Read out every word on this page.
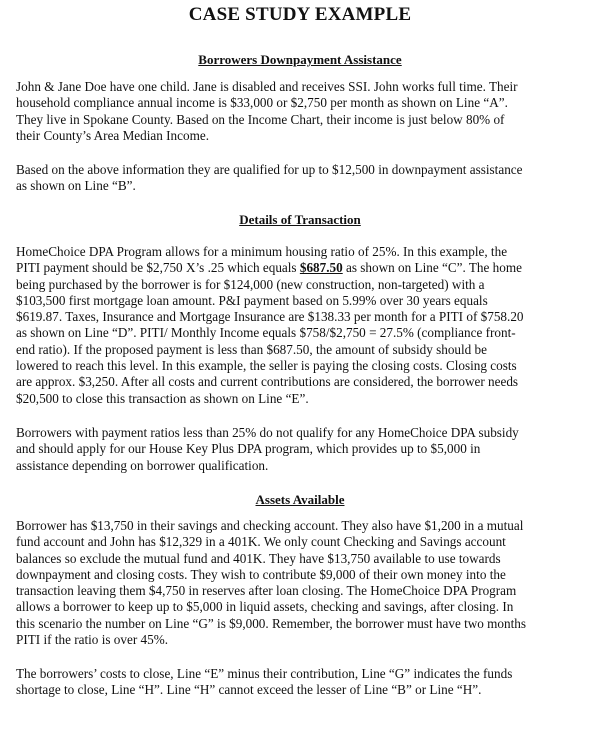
CASE STUDY EXAMPLE
Borrowers Downpayment Assistance
John & Jane Doe have one child. Jane is disabled and receives SSI. John works full time. Their
household compliance annual income is $33,000 or $2,750 per month as shown on Line “A”.
They live in Spokane County. Based on the Income Chart, their income is just below 80% of
their County’s Area Median Income.
Based on the above information they are qualified for up to $12,500 in downpayment assistance
as shown on Line “B”.
Details of Transaction
HomeChoice DPA Program allows for a minimum housing ratio of 25%. In this example, the
PITI payment should be $2,750 X’s .25 which equals $687.50 as shown on Line “C”. The home
being purchased by the borrower is for $124,000 (new construction, non-targeted) with a
$103,500 first mortgage loan amount. P&I payment based on 5.99% over 30 years equals
$619.87. Taxes, Insurance and Mortgage Insurance are $138.33 per month for a PITI of $758.20
as shown on Line “D”. PITI/ Monthly Income equals $758/$2,750 = 27.5% (compliance front-
end ratio). If the proposed payment is less than $687.50, the amount of subsidy should be
lowered to reach this level. In this example, the seller is paying the closing costs. Closing costs
are approx. $3,250. After all costs and current contributions are considered, the borrower needs
$20,500 to close this transaction as shown on Line “E”.
Borrowers with payment ratios less than 25% do not qualify for any HomeChoice DPA subsidy
and should apply for our House Key Plus DPA program, which provides up to $5,000 in
assistance depending on borrower qualification.
Assets Available
Borrower has $13,750 in their savings and checking account. They also have $1,200 in a mutual
fund account and John has $12,329 in a 401K. We only count Checking and Savings account
balances so exclude the mutual fund and 401K. They have $13,750 available to use towards
downpayment and closing costs. They wish to contribute $9,000 of their own money into the
transaction leaving them $4,750 in reserves after loan closing. The HomeChoice DPA Program
allows a borrower to keep up to $5,000 in liquid assets, checking and savings, after closing. In
this scenario the number on Line “G” is $9,000. Remember, the borrower must have two months
PITI if the ratio is over 45%.
The borrowers’ costs to close, Line “E” minus their contribution, Line “G” indicates the funds
shortage to close, Line “H”. Line “H” cannot exceed the lesser of Line “B” or Line “H”.
